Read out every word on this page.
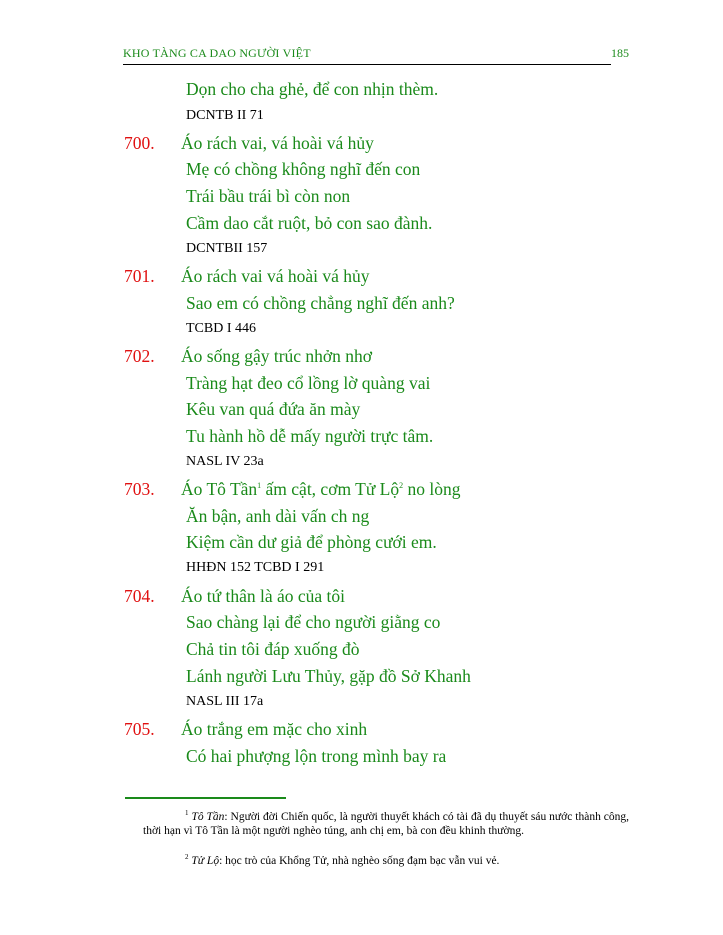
KHO TÀNG CA DAO NGƯỜI VIỆT	185
Dọn cho cha ghẻ, để con nhịn thèm.
DCNTB II 71
700. Áo rách vai, vá hoài vá hủy
Mẹ có chồng không nghĩ đến con
Trái bầu trái bì còn non
Cầm dao cắt ruột, bỏ con sao đành.
DCNTBII 157
701. Áo rách vai vá hoài vá hủy
Sao em có chồng chẳng nghĩ đến anh?
TCBD I 446
702. Áo sống gậy trúc nhởn nhơ
Tràng hạt đeo cổ lồng lờ quàng vai
Kêu van quá đứa ăn mày
Tu hành hồ dễ mấy người trực tâm.
NASL IV 23a
703. Áo Tô Tần$^1$ ấm cật, cơm Tử Lộ$^2$ no lòng
Ăn bận, anh dài vấn ch ng
Kiệm cần dư giả để phòng cưới em.
HHĐN 152 TCBD I 291
704. Áo tứ thân là áo của tôi
Sao chàng lại để cho người giằng co
Chả tin tôi đáp xuống đò
Lánh người Lưu Thủy, gặp đồ Sở Khanh
NASL III 17a
705. Áo trắng em mặc cho xinh
Có hai phượng lộn trong mình bay ra
$^1$ Tô Tần: Người đời Chiến quốc, là người thuyết khách có tài đã dụ thuyết sáu nước thành công, thời hạn vì Tô Tần là một người nghèo túng, anh chị em, bà con đều khinh thường.
$^2$ Tử Lộ: học trò của Khổng Tử, nhà nghèo sống đạm bạc vẫn vui vẻ.
